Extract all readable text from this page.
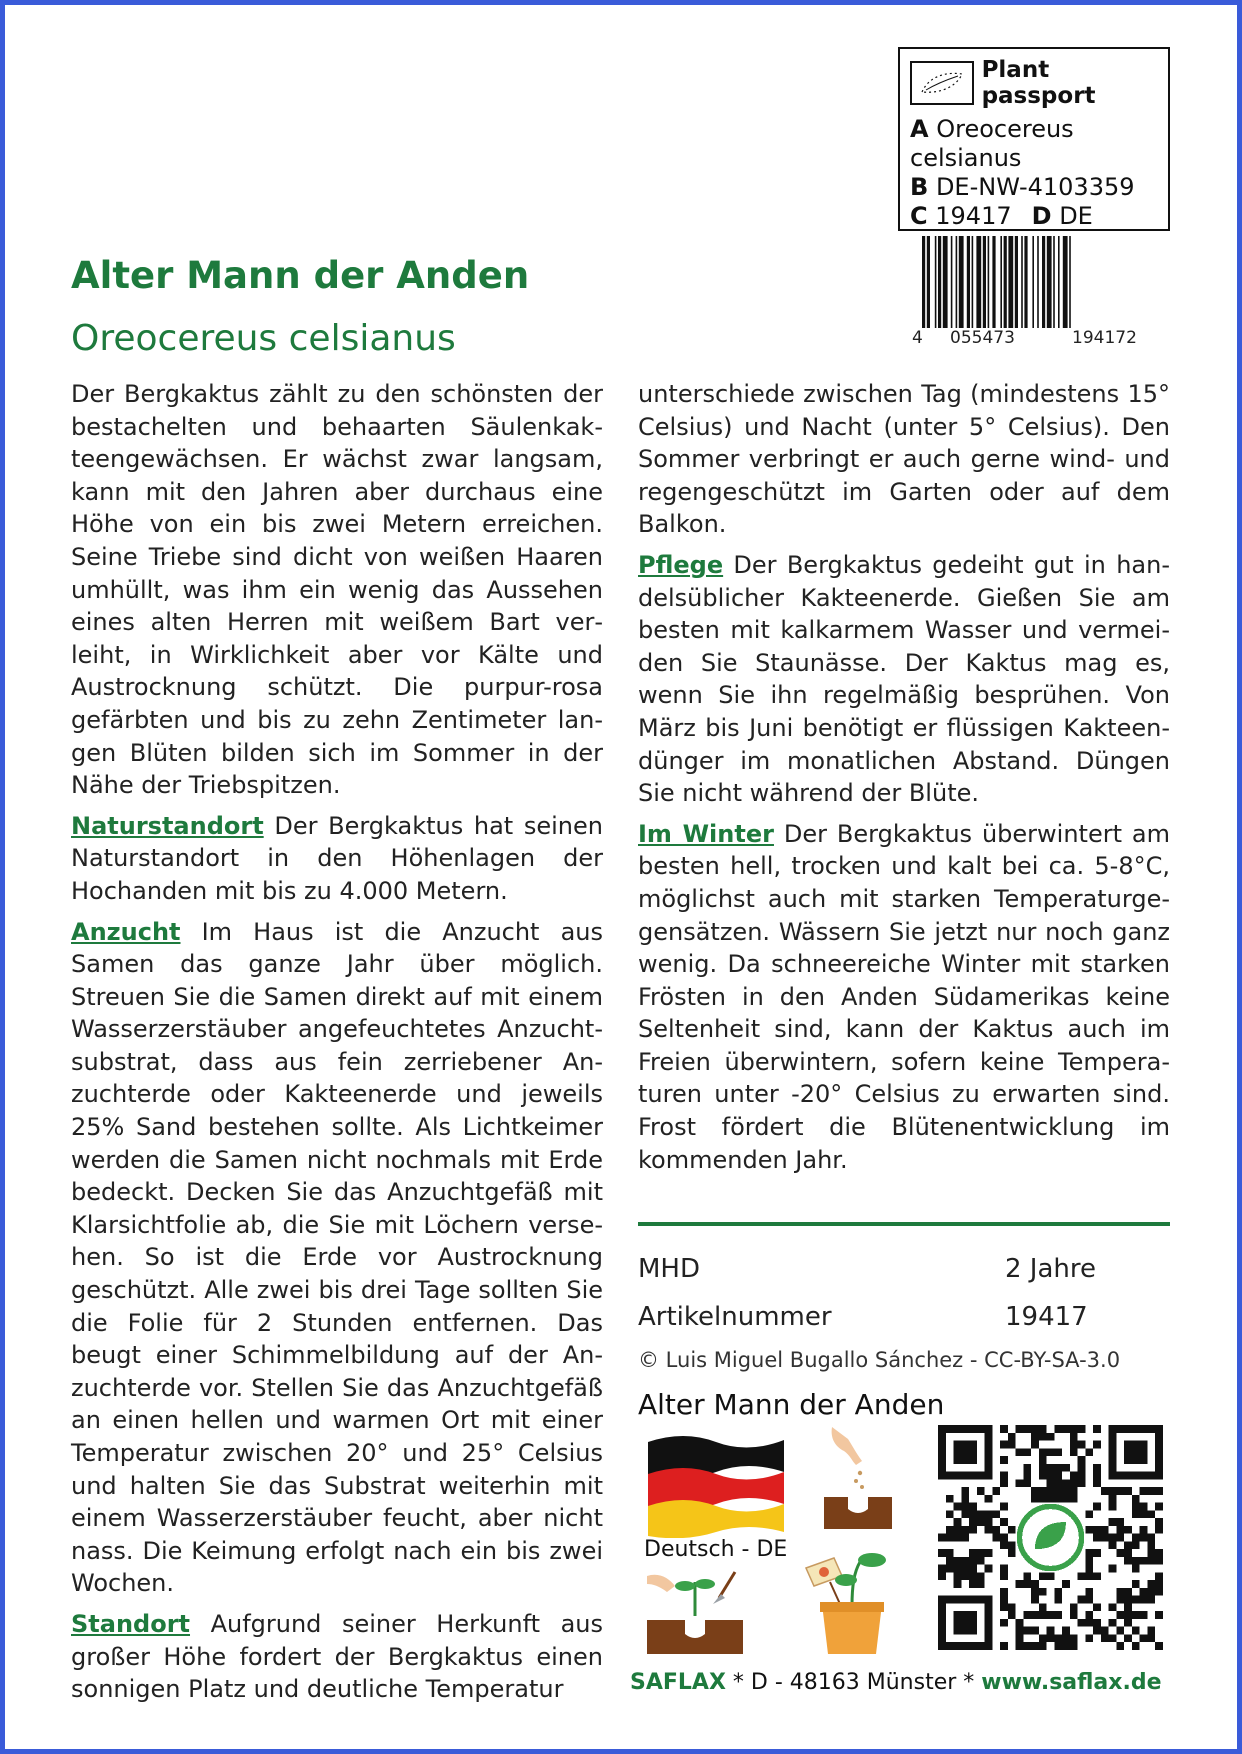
Plant passport
A Oreocereus
celsianus
B DE-NW-4103359
C 19417 D DE
4 055473	194172
Alter Mann der Anden
Oreocereus celsianus

Der Bergkaktus zählt zu den schönsten der bestachelten und behaarten Säulenkakteengewächsen. Er wächst zwar langsam, kann mit den Jahren aber durchaus eine Höhe von ein bis zwei Metern erreichen. Seine Triebe sind dicht von weißen Haaren umhüllt, was ihm ein wenig das Aussehen eines alten Herren mit weißem Bart verleiht, in Wirklichkeit aber vor Kälte und Austrocknung schützt. Die purpur-rosa gefärbten und bis zu zehn Zentimeter langen Blüten bilden sich im Sommer in der Nähe der Triebspitzen.

Naturstandort Der Bergkaktus hat seinen Naturstandort in den Höhenlagen der Hochanden mit bis zu 4.000 Metern.

Anzucht Im Haus ist die Anzucht aus Samen das ganze Jahr über möglich. Streuen Sie die Samen direkt auf mit einem Wasserzerstäuber angefeuchtetes Anzuchtsubstrat, dass aus fein zerriebener Anzuchterde oder Kakteenerde und jeweils 25% Sand bestehen sollte. Als Lichtkeimer werden die Samen nicht nochmals mit Erde bedeckt. Decken Sie das Anzuchtgefäß mit Klarsichtfolie ab, die Sie mit Löchern versehen. So ist die Erde vor Austrocknung geschützt. Alle zwei bis drei Tage sollten Sie die Folie für 2 Stunden entfernen. Das beugt einer Schimmelbildung auf der Anzuchterde vor. Stellen Sie das Anzuchtgefäß an einen hellen und warmen Ort mit einer Temperatur zwischen 20° und 25° Celsius und halten Sie das Substrat weiterhin mit einem Wasserzerstäuber feucht, aber nicht nass. Die Keimung erfolgt nach ein bis zwei Wochen.

Standort Aufgrund seiner Herkunft aus großer Höhe fordert der Bergkaktus einen sonnigen Platz und deutliche Temperatur

unterschiede zwischen Tag (mindestens 15° Celsius) und Nacht (unter 5° Celsius). Den Sommer verbringt er auch gerne wind- und regengeschützt im Garten oder auf dem Balkon.

Pflege Der Bergkaktus gedeiht gut in handelsüblicher Kakteenerde. Gießen Sie am besten mit kalkarmem Wasser und vermeiden Sie Staunässe. Der Kaktus mag es, wenn Sie ihn regelmäßig besprühen. Von März bis Juni benötigt er flüssigen Kakteendünger im monatlichen Abstand. Düngen Sie nicht während der Blüte.

Im Winter Der Bergkaktus überwintert am besten hell, trocken und kalt bei ca. 5-8°C, möglichst auch mit starken Temperaturgegensätzen. Wässern Sie jetzt nur noch ganz wenig. Da schneereiche Winter mit starken Frösten in den Anden Südamerikas keine Seltenheit sind, kann der Kaktus auch im Freien überwintern, sofern keine Temperaturen unter -20° Celsius zu erwarten sind. Frost fördert die Blütenentwicklung im kommenden Jahr.

MHD	2 Jahre
Artikelnummer	19417
© Luis Miguel Bugallo Sánchez - CC-BY-SA-3.0
Alter Mann der Anden
Deutsch - DE
SAFLAX * D - 48163 Münster * www.saflax.de
